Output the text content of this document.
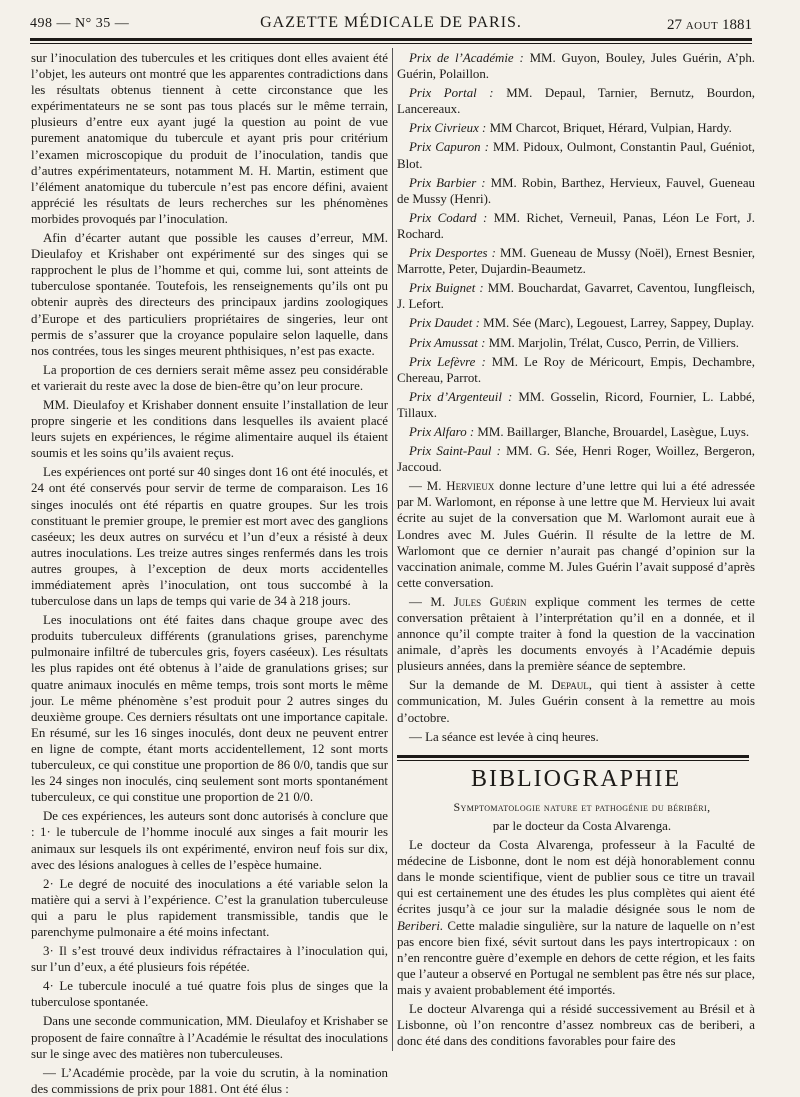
498 — N° 35 —	GAZETTE MÉDICALE DE PARIS.	27 AOUT 1881

sur l’inoculation des tubercules et les critiques dont elles avaient été l’objet, les auteurs ont montré que les apparentes contradictions dans les résultats obtenus tiennent à cette circonstance que les expérimentateurs ne se sont pas tous placés sur le même terrain, plusieurs d’entre eux ayant jugé la question au point de vue purement anatomique du tubercule et ayant pris pour critérium l’examen microscopique du produit de l’inoculation, tandis que d’autres expérimentateurs, notamment M. H. Martin, estiment que l’élément anatomique du tubercule n’est pas encore défini, avaient apprécié les résultats de leurs recherches sur les phénomènes morbides provoqués par l’inoculation.

Afin d’écarter autant que possible les causes d’erreur, MM. Dieulafoy et Krishaber ont expérimenté sur des singes qui se rapprochent le plus de l’homme et qui, comme lui, sont atteints de tuberculose spontanée. Toutefois, les renseignements qu’ils ont pu obtenir auprès des directeurs des principaux jardins zoologiques d’Europe et des particuliers propriétaires de singeries, leur ont permis de s’assurer que la croyance populaire selon laquelle, dans nos contrées, tous les singes meurent phthisiques, n’est pas exacte.

La proportion de ces derniers serait même assez peu considérable et varierait du reste avec la dose de bien-être qu’on leur procure.

MM. Dieulafoy et Krishaber donnent ensuite l’installation de leur propre singerie et les conditions dans lesquelles ils avaient placé leurs sujets en expériences, le régime alimentaire auquel ils étaient soumis et les soins qu’ils avaient reçus.

Les expériences ont porté sur 40 singes dont 16 ont été inoculés, et 24 ont été conservés pour servir de terme de comparaison. Les 16 singes inoculés ont été répartis en quatre groupes. Sur les trois constituant le premier groupe, le premier est mort avec des ganglions caséeux; les deux autres on survécu et l’un d’eux a résisté à deux autres inoculations. Les treize autres singes renfermés dans les trois autres groupes, à l’exception de deux morts accidentelles immédiatement après l’inoculation, ont tous succombé à la tuberculose dans un laps de temps qui varie de 34 à 218 jours.

Les inoculations ont été faites dans chaque groupe avec des produits tuberculeux différents (granulations grises, parenchyme pulmonaire infiltré de tubercules gris, foyers caséeux). Les résultats les plus rapides ont été obtenus à l’aide de granulations grises; sur quatre animaux inoculés en même temps, trois sont morts le même jour. Le même phénomène s’est produit pour 2 autres singes du deuxième groupe. Ces derniers résultats ont une importance capitale. En résumé, sur les 16 singes inoculés, dont deux ne peuvent entrer en ligne de compte, étant morts accidentellement, 12 sont morts tuberculeux, ce qui constitue une proportion de 86 0/0, tandis que sur les 24 singes non inoculés, cinq seulement sont morts spontanément tuberculeux, ce qui constitue une proportion de 21 0/0.

De ces expériences, les auteurs sont donc autorisés à conclure que : 1· le tubercule de l’homme inoculé aux singes a fait mourir les animaux sur lesquels ils ont expérimenté, environ neuf fois sur dix, avec des lésions analogues à celles de l’espèce humaine.

2· Le degré de nocuité des inoculations a été variable selon la matière qui a servi à l’expérience. C’est la granulation tuberculeuse qui a paru le plus rapidement transmissible, tandis que le parenchyme pulmonaire a été moins infectant.

3· Il s’est trouvé deux individus réfractaires à l’inoculation qui, sur l’un d’eux, a été plusieurs fois répétée.

4· Le tubercule inoculé a tué quatre fois plus de singes que la tuberculose spontanée.

Dans une seconde communication, MM. Dieulafoy et Krishaber se proposent de faire connaître à l’Académie le résultat des inoculations sur le singe avec des matières non tuberculeuses.

— L’Académie procède, par la voie du scrutin, à la nomination des commissions de prix pour 1881. Ont été élus :

Prix de l’Académie : MM. Guyon, Bouley, Jules Guérin, A’ph. Guérin, Polaillon.

Prix Portal : MM. Depaul, Tarnier, Bernutz, Bourdon, Lancereaux.

Prix Civrieux : MM Charcot, Briquet, Hérard, Vulpian, Hardy.

Prix Capuron : MM. Pidoux, Oulmont, Constantin Paul, Guéniot, Blot.

Prix Barbier : MM. Robin, Barthez, Hervieux, Fauvel, Gueneau de Mussy (Henri).

Prix Codard : MM. Richet, Verneuil, Panas, Léon Le Fort, J. Rochard.

Prix Desportes : MM. Gueneau de Mussy (Noël), Ernest Besnier, Marrotte, Peter, Dujardin-Beaumetz.

Prix Buignet : MM. Bouchardat, Gavarret, Caventou, Iungfleisch, J. Lefort.

Prix Daudet : MM. Sée (Marc), Legouest, Larrey, Sappey, Duplay.

Prix Amussat : MM. Marjolin, Trélat, Cusco, Perrin, de Villiers.

Prix Lefèvre : MM. Le Roy de Méricourt, Empis, Dechambre, Chereau, Parrot.

Prix d’Argenteuil : MM. Gosselin, Ricord, Fournier, L. Labbé, Tillaux.

Prix Alfaro : MM. Baillarger, Blanche, Brouardel, Lasègue, Luys.

Prix Saint-Paul : MM. G. Sée, Henri Roger, Woillez, Bergeron, Jaccoud.

— M. Hervieux donne lecture d’une lettre qui lui a été adressée par M. Warlomont, en réponse à une lettre que M. Hervieux lui avait écrite au sujet de la conversation que M. Warlomont aurait eue à Londres avec M. Jules Guérin. Il résulte de la lettre de M. Warlomont que ce dernier n’aurait pas changé d’opinion sur la vaccination animale, comme M. Jules Guérin l’avait supposé d’après cette conversation.

— M. Jules Guérin explique comment les termes de cette conversation prêtaient à l’interprétation qu’il en a donnée, et il annonce qu’il compte traiter à fond la question de la vaccination animale, d’après les documents envoyés à l’Académie depuis plusieurs années, dans la première séance de septembre.

Sur la demande de M. Depaul, qui tient à assister à cette communication, M. Jules Guérin consent à la remettre au mois d’octobre.

— La séance est levée à cinq heures.

BIBLIOGRAPHIE

Symptomatologie nature et pathogénie du béribéri,

par le docteur da Costa Alvarenga.

Le docteur da Costa Alvarenga, professeur à la Faculté de médecine de Lisbonne, dont le nom est déjà honorablement connu dans le monde scientifique, vient de publier sous ce titre un travail qui est certainement une des études les plus complètes qui aient été écrites jusqu’à ce jour sur la maladie désignée sous le nom de Beriberi. Cette maladie singulière, sur la nature de laquelle on n’est pas encore bien fixé, sévit surtout dans les pays intertropicaux : on n’en rencontre guère d’exemple en dehors de cette région, et les faits que l’auteur a observé en Portugal ne semblent pas être nés sur place, mais y avaient probablement été importés.

Le docteur Alvarenga qui a résidé successivement au Brésil et à Lisbonne, où l’on rencontre d’assez nombreux cas de beriberi, a donc été dans des conditions favorables pour faire des
